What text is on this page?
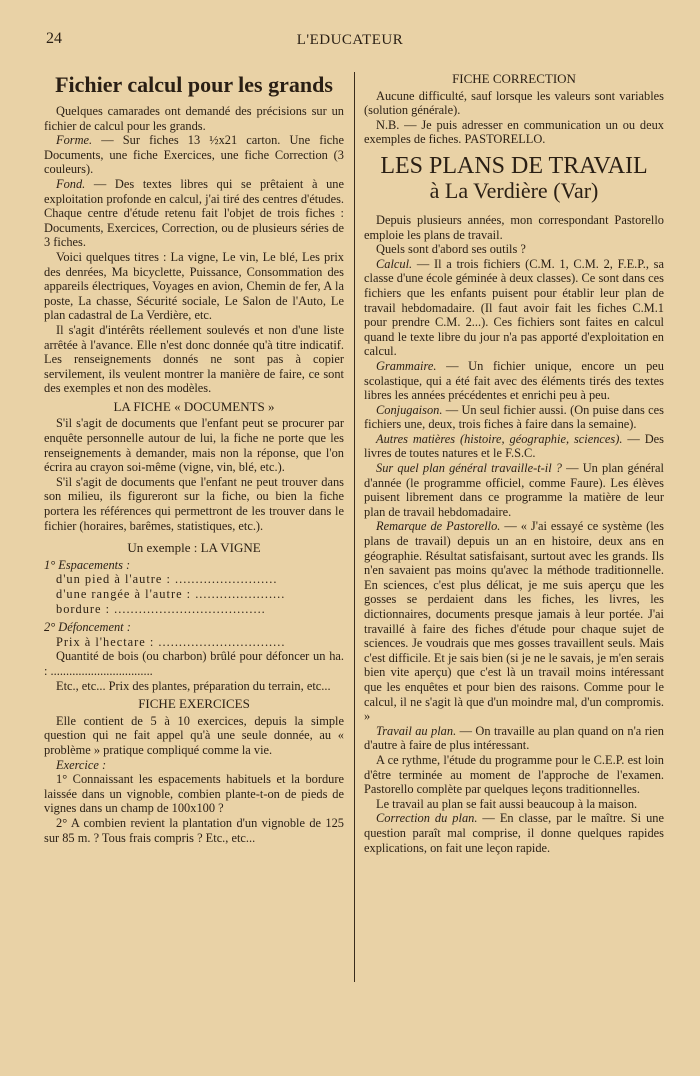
24	L'EDUCATEUR

Fichier calcul pour les grands

Quelques camarades ont demandé des précisions sur un fichier de calcul pour les grands.

Forme. — Sur fiches 13 ½x21 carton. Une fiche Documents, une fiche Exercices, une fiche Correction (3 couleurs).

Fond. — Des textes libres qui se prêtaient à une exploitation profonde en calcul, j'ai tiré des centres d'études. Chaque centre d'étude retenu fait l'objet de trois fiches : Documents, Exercices, Correction, ou de plusieurs séries de 3 fiches.

Voici quelques titres : La vigne, Le vin, Le blé, Les prix des denrées, Ma bicyclette, Puissance, Consommation des appareils électriques, Voyages en avion, Chemin de fer, A la poste, La chasse, Sécurité sociale, Le Salon de l'Auto, Le plan cadastral de La Verdière, etc.

Il s'agit d'intérêts réellement soulevés et non d'une liste arrêtée à l'avance. Elle n'est donc donnée qu'à titre indicatif. Les renseignements donnés ne sont pas à copier servilement, ils veulent montrer la manière de faire, ce sont des exemples et non des modèles.

LA FICHE « DOCUMENTS »

S'il s'agit de documents que l'enfant peut se procurer par enquête personnelle autour de lui, la fiche ne porte que les renseignements à demander, mais non la réponse, que l'on écrira au crayon soi-même (vigne, vin, blé, etc.).

S'il s'agit de documents que l'enfant ne peut trouver dans son milieu, ils figureront sur la fiche, ou bien la fiche portera les références qui permettront de les trouver dans le fichier (horaires, barêmes, statistiques, etc.).

Un exemple : LA VIGNE

1° Espacements :

d'un pied à l'autre : .........................

d'une rangée à l'autre : ......................

bordure : .....................................

2° Défoncement :

Prix à l'hectare : ...............................

Quantité de bois (ou charbon) brûlé pour défoncer un ha. : .................................

Etc., etc... Prix des plantes, préparation du terrain, etc...

FICHE EXERCICES

Elle contient de 5 à 10 exercices, depuis la simple question qui ne fait appel qu'à une seule donnée, au « problème » pratique compliqué comme la vie.

Exercice :

1° Connaissant les espacements habituels et la bordure laissée dans un vignoble, combien plante-t-on de pieds de vignes dans un champ de 100x100 ?

2° A combien revient la plantation d'un vignoble de 125 sur 85 m. ? Tous frais compris ? Etc., etc...

FICHE CORRECTION

Aucune difficulté, sauf lorsque les valeurs sont variables (solution générale).

N.B. — Je puis adresser en communication un ou deux exemples de fiches. PASTORELLO.

LES PLANS DE TRAVAIL

à La Verdière (Var)

Depuis plusieurs années, mon correspondant Pastorello emploie les plans de travail.

Quels sont d'abord ses outils ?

Calcul. — Il a trois fichiers (C.M. 1, C.M. 2, F.E.P., sa classe d'une école géminée à deux classes). Ce sont dans ces fichiers que les enfants puisent pour établir leur plan de travail hebdomadaire. (Il faut avoir fait les fiches C.M.1 pour prendre C.M. 2...). Ces fichiers sont faites en calcul quand le texte libre du jour n'a pas apporté d'exploitation en calcul.

Grammaire. — Un fichier unique, encore un peu scolastique, qui a été fait avec des éléments tirés des textes libres les années précédentes et enrichi peu à peu.

Conjugaison. — Un seul fichier aussi. (On puise dans ces fichiers une, deux, trois fiches à faire dans la semaine).

Autres matières (histoire, géographie, sciences). — Des livres de toutes natures et le F.S.C.

Sur quel plan général travaille-t-il ? — Un plan général d'année (le programme officiel, comme Faure). Les élèves puisent librement dans ce programme la matière de leur plan de travail hebdomadaire.

Remarque de Pastorello. — « J'ai essayé ce système (les plans de travail) depuis un an en histoire, deux ans en géographie. Résultat satisfaisant, surtout avec les grands. Ils n'en savaient pas moins qu'avec la méthode traditionnelle. En sciences, c'est plus délicat, je me suis aperçu que les gosses se perdaient dans les fiches, les livres, les dictionnaires, documents presque jamais à leur portée. J'ai travaillé à faire des fiches d'étude pour chaque sujet de sciences. Je voudrais que mes gosses travaillent seuls. Mais c'est difficile. Et je sais bien (si je ne le savais, je m'en serais bien vite aperçu) que c'est là un travail moins intéressant que les enquêtes et pour bien des raisons. Comme pour le calcul, il ne s'agit là que d'un moindre mal, d'un compromis. »

Travail au plan. — On travaille au plan quand on n'a rien d'autre à faire de plus intéressant.

A ce rythme, l'étude du programme pour le C.E.P. est loin d'être terminée au moment de l'approche de l'examen. Pastorello complète par quelques leçons traditionnelles.

Le travail au plan se fait aussi beaucoup à la maison.

Correction du plan. — En classe, par le maître. Si une question paraît mal comprise, il donne quelques rapides explications, on fait une leçon rapide.
